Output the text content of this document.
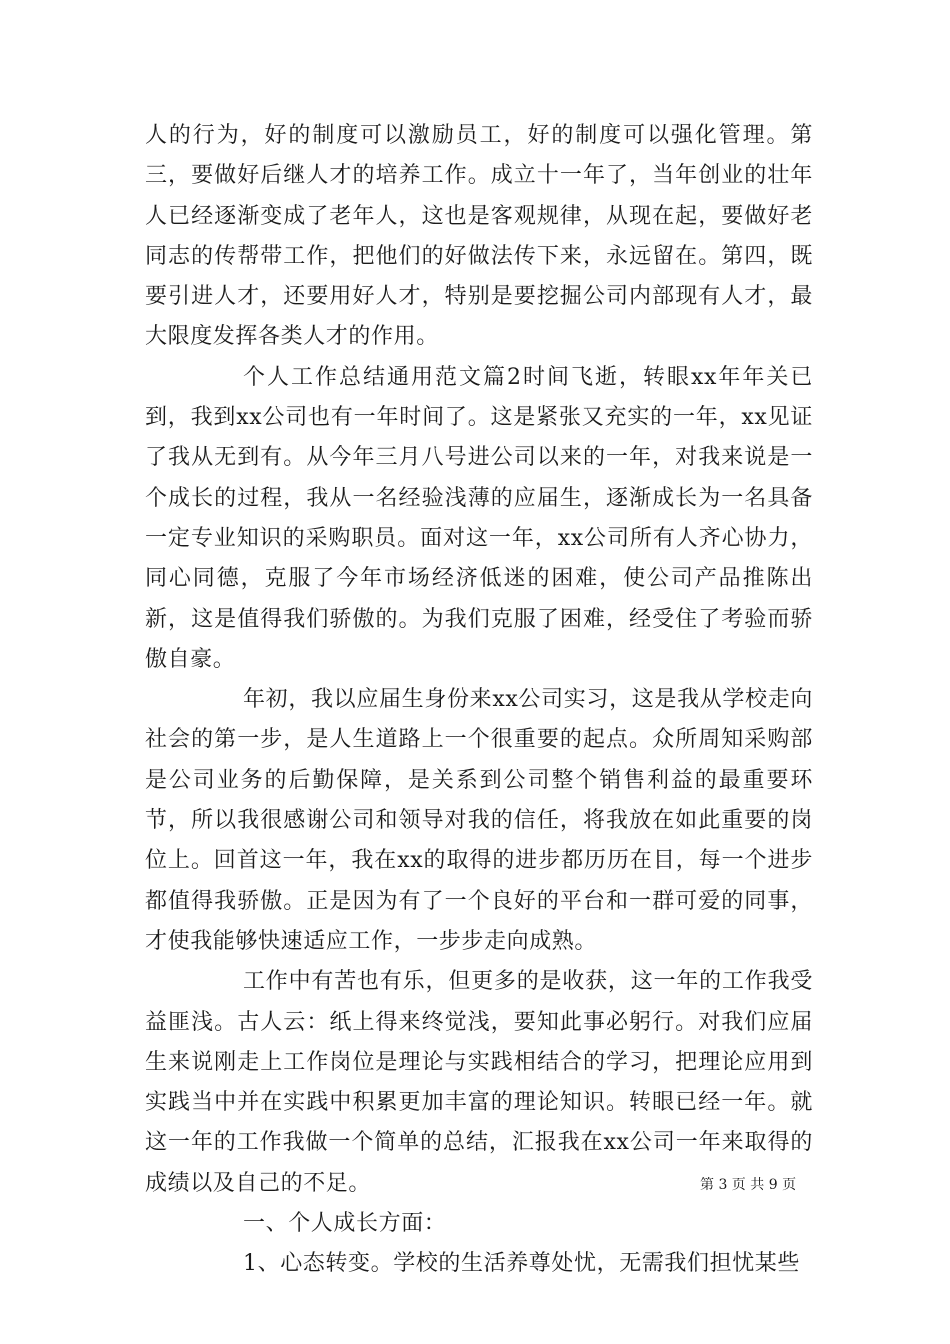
人的行为，好的制度可以激励员工，好的制度可以强化管理。第三，要做好后继人才的培养工作。成立十一年了，当年创业的壮年人已经逐渐变成了老年人，这也是客观规律，从现在起，要做好老同志的传帮带工作，把他们的好做法传下来，永远留在。第四，既要引进人才，还要用好人才，特别是要挖掘公司内部现有人才，最大限度发挥各类人才的作用。

个人工作总结通用范文篇2时间飞逝，转眼xx年年关已到，我到xx公司也有一年时间了。这是紧张又充实的一年，xx见证了我从无到有。从今年三月八号进公司以来的一年，对我来说是一个成长的过程，我从一名经验浅薄的应届生，逐渐成长为一名具备一定专业知识的采购职员。面对这一年，xx公司所有人齐心协力，同心同德，克服了今年市场经济低迷的困难，使公司产品推陈出新，这是值得我们骄傲的。为我们克服了困难，经受住了考验而骄傲自豪。

年初，我以应届生身份来xx公司实习，这是我从学校走向社会的第一步，是人生道路上一个很重要的起点。众所周知采购部是公司业务的后勤保障，是关系到公司整个销售利益的最重要环节，所以我很感谢公司和领导对我的信任，将我放在如此重要的岗位上。回首这一年，我在xx的取得的进步都历历在目，每一个进步都值得我骄傲。正是因为有了一个良好的平台和一群可爱的同事，才使我能够快速适应工作，一步步走向成熟。

工作中有苦也有乐，但更多的是收获，这一年的工作我受益匪浅。古人云：纸上得来终觉浅，要知此事必躬行。对我们应届生来说刚走上工作岗位是理论与实践相结合的学习，把理论应用到实践当中并在实践中积累更加丰富的理论知识。转眼已经一年。就这一年的工作我做一个简单的总结，汇报我在xx公司一年来取得的成绩以及自己的不足。

一、个人成长方面：

1、心态转变。学校的生活养尊处忧，无需我们担忧某些

第 3 页 共 9 页
